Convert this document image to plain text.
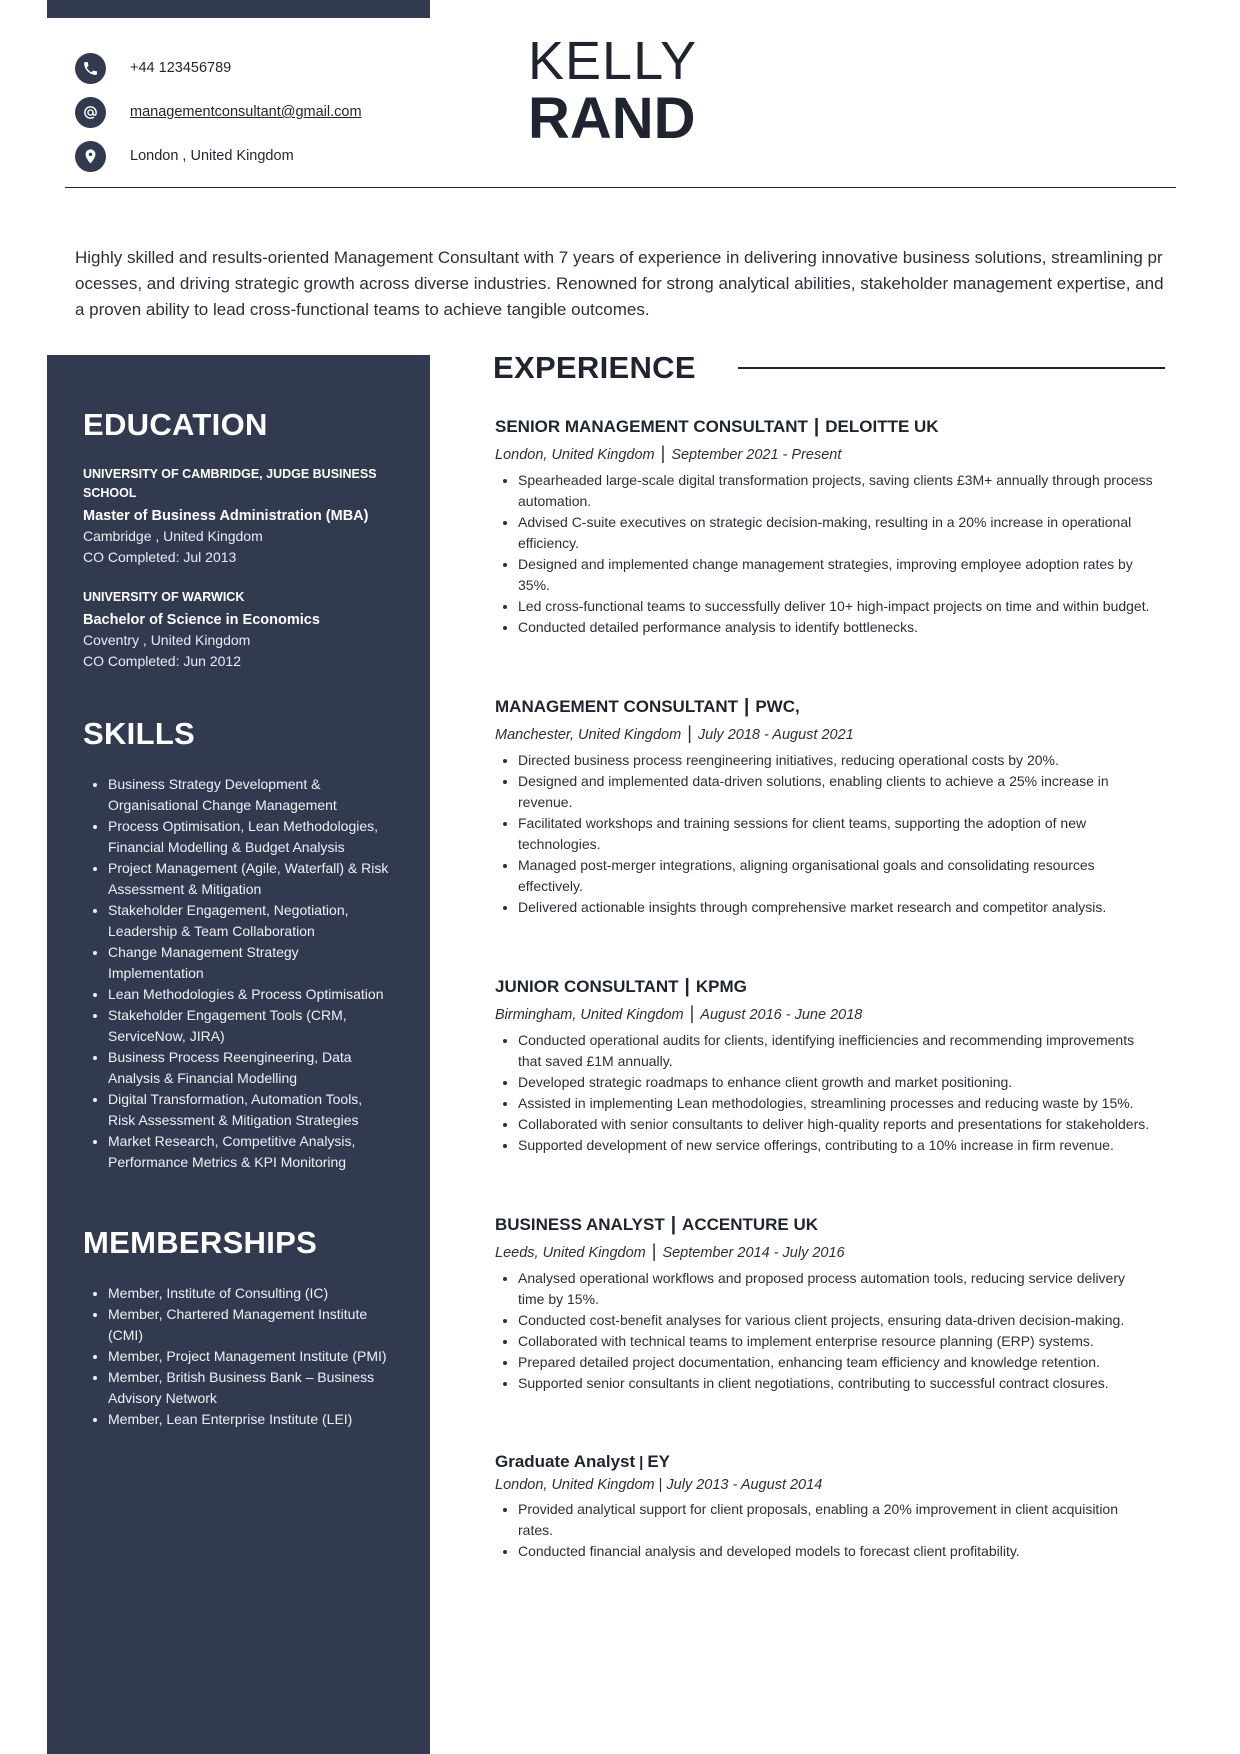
+44 123456789
managementconsultant@gmail.com
London , United Kingdom
KELLY
RAND

Highly skilled and results-oriented Management Consultant with 7 years of experience in delivering innovative business solutions, streamlining processes, and driving strategic growth across diverse industries. Renowned for strong analytical abilities, stakeholder management expertise, and a proven ability to lead cross-functional teams to achieve tangible outcomes.

EDUCATION
UNIVERSITY OF CAMBRIDGE, JUDGE BUSINESS SCHOOL
Master of Business Administration (MBA)
Cambridge , United Kingdom
CO Completed: Jul 2013
UNIVERSITY OF WARWICK
Bachelor of Science in Economics
Coventry , United Kingdom
CO Completed: Jun 2012
SKILLS
• Business Strategy Development & Organisational Change Management
• Process Optimisation, Lean Methodologies, Financial Modelling & Budget Analysis
• Project Management (Agile, Waterfall) & Risk Assessment & Mitigation
• Stakeholder Engagement, Negotiation, Leadership & Team Collaboration
• Change Management Strategy Implementation
• Lean Methodologies & Process Optimisation
• Stakeholder Engagement Tools (CRM, ServiceNow, JIRA)
• Business Process Reengineering, Data Analysis & Financial Modelling
• Digital Transformation, Automation Tools, Risk Assessment & Mitigation Strategies
• Market Research, Competitive Analysis, Performance Metrics & KPI Monitoring
MEMBERSHIPS
• Member, Institute of Consulting (IC)
• Member, Chartered Management Institute (CMI)
• Member, Project Management Institute (PMI)
• Member, British Business Bank – Business Advisory Network
• Member, Lean Enterprise Institute (LEI)
EXPERIENCE
SENIOR MANAGEMENT CONSULTANT | DELOITTE UK
London, United Kingdom | September 2021 - Present
• Spearheaded large-scale digital transformation projects, saving clients £3M+ annually through process automation.
• Advised C-suite executives on strategic decision-making, resulting in a 20% increase in operational efficiency.
• Designed and implemented change management strategies, improving employee adoption rates by 35%.
• Led cross-functional teams to successfully deliver 10+ high-impact projects on time and within budget.
• Conducted detailed performance analysis to identify bottlenecks.
MANAGEMENT CONSULTANT | PWC,
Manchester, United Kingdom | July 2018 - August 2021
• Directed business process reengineering initiatives, reducing operational costs by 20%.
• Designed and implemented data-driven solutions, enabling clients to achieve a 25% increase in revenue.
• Facilitated workshops and training sessions for client teams, supporting the adoption of new technologies.
• Managed post-merger integrations, aligning organisational goals and consolidating resources effectively.
• Delivered actionable insights through comprehensive market research and competitor analysis.
JUNIOR CONSULTANT | KPMG
Birmingham, United Kingdom | August 2016 - June 2018
• Conducted operational audits for clients, identifying inefficiencies and recommending improvements that saved £1M annually.
• Developed strategic roadmaps to enhance client growth and market positioning.
• Assisted in implementing Lean methodologies, streamlining processes and reducing waste by 15%.
• Collaborated with senior consultants to deliver high-quality reports and presentations for stakeholders.
• Supported development of new service offerings, contributing to a 10% increase in firm revenue.
BUSINESS ANALYST | ACCENTURE UK
Leeds, United Kingdom | September 2014 - July 2016
• Analysed operational workflows and proposed process automation tools, reducing service delivery time by 15%.
• Conducted cost-benefit analyses for various client projects, ensuring data-driven decision-making.
• Collaborated with technical teams to implement enterprise resource planning (ERP) systems.
• Prepared detailed project documentation, enhancing team efficiency and knowledge retention.
• Supported senior consultants in client negotiations, contributing to successful contract closures.
Graduate Analyst | EY
London, United Kingdom | July 2013 - August 2014
• Provided analytical support for client proposals, enabling a 20% improvement in client acquisition rates.
• Conducted financial analysis and developed models to forecast client profitability.
